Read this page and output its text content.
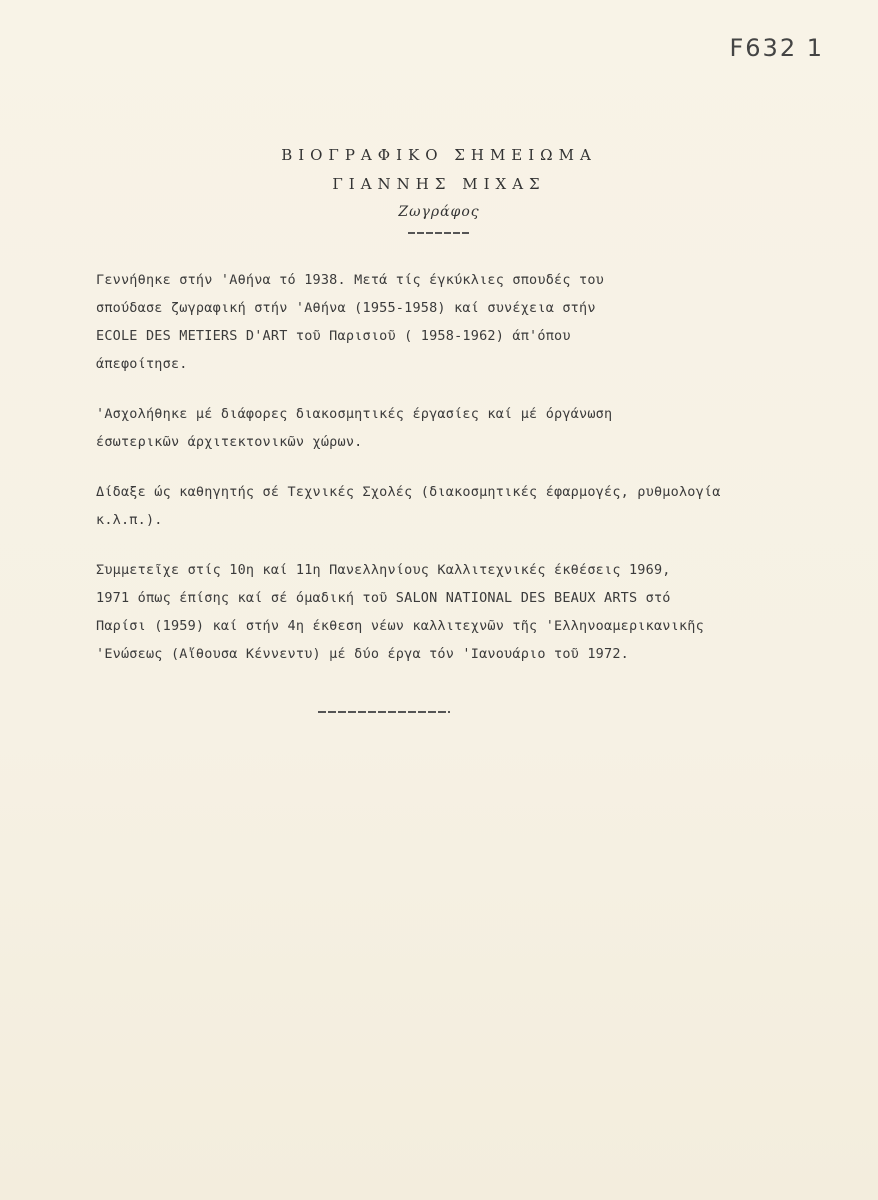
F632 1
ΒΙΟΓΡΑΦΙΚΟ ΣΗΜΕΙΩΜΑ
ΓΙΑΝΝΗΣ ΜΙΧΑΣ
Ζωγράφος
Γεννήθηκε στήν 'Αθήνα τό 1938. Μετά τίς έγκύκλιες σπουδές του
σπούδασε ζωγραφική στήν 'Αθήνα (1955-1958) καί συνέχεια στήν
ECOLE DES METIERS D'ART τοῦ Παρισιοῦ ( 1958-1962) άπ'όπου
άπεφοίτησε.
'Ασχολήθηκε μέ διάφορες διακοσμητικές έργασίες καί μέ όργάνωση
έσωτερικῶν άρχιτεκτονικῶν χώρων.
Δίδαξε ώς καθηγητής σέ Τεχνικές Σχολές (διακοσμητικές έφαρμογές, ρυθμολογία
κ.λ.π.).
Συμμετεῖχε στίς 10η καί 11η Πανελληνίους Καλλιτεχνικές έκθέσεις 1969,
1971 όπως έπίσης καί σέ όμαδική τοῦ SALON NATIONAL DES BEAUX ARTS στό
Παρίσι (1959) καί στήν 4η έκθεση νέων καλλιτεχνῶν τῆς 'Ελληνοαμερικανικῆς
'Ενώσεως (Αἴθουσα Κέννεντυ) μέ δύο έργα τόν 'Ιανουάριο τοῦ 1972.
